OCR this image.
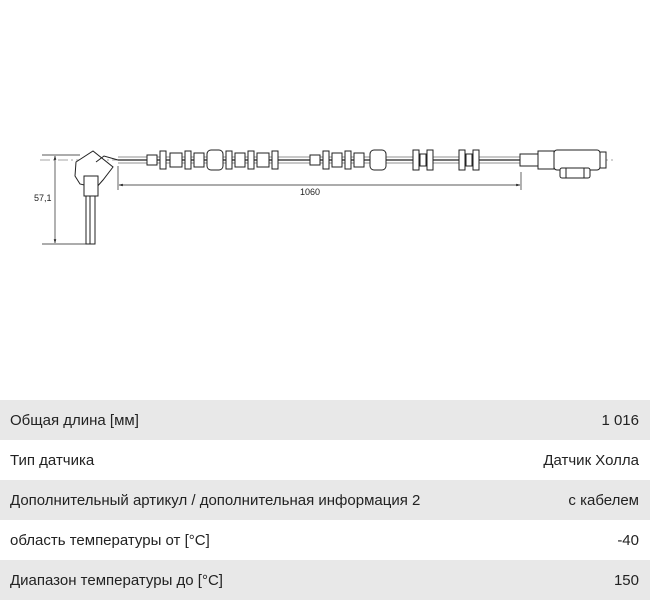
57,1
1060
Общая длина [мм]	1 016
Тип датчика	Датчик Холла
Дополнительный артикул / дополнительная информация 2	с кабелем
область температуры от [°C]	-40
Диапазон температуры до [°C]	150
